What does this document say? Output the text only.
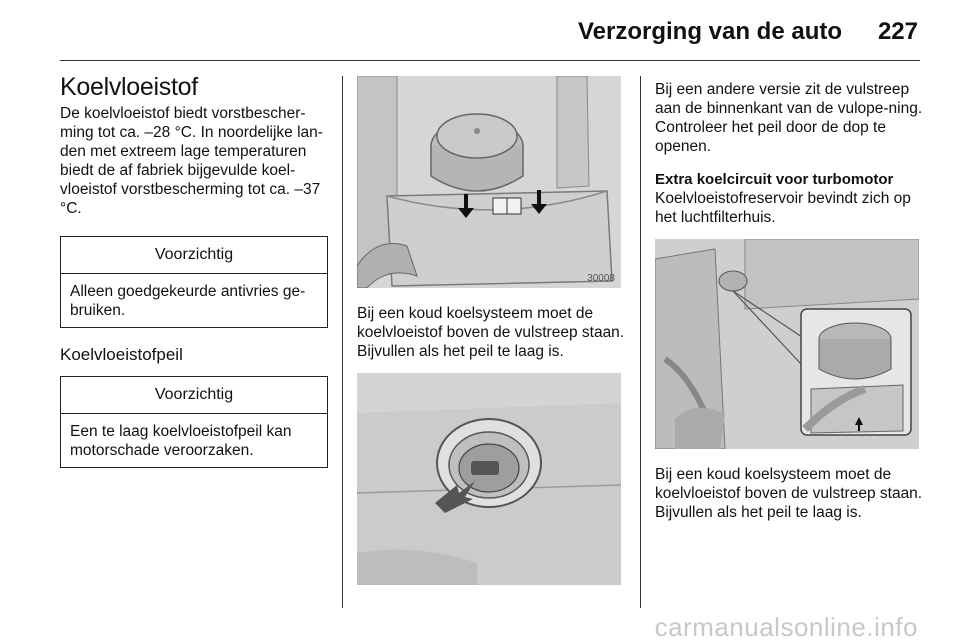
Verzorging van de auto 227
Koelvloeistof

De koelvloeistof biedt vorstbescher-ming tot ca. –28 °C. In noordelijke lan-den met extreem lage temperaturen biedt de af fabriek bijgevulde koel-vloeistof vorstbescherming tot ca. –37 °C.

Voorzichtig
Alleen goedgekeurde antivries ge-bruiken.
Koelvloeistofpeil
Voorzichtig
Een te laag koelvloeistofpeil kan motorschade veroorzaken.
30008

Bij een koud koelsysteem moet de koelvloeistof boven de vulstreep staan. Bijvullen als het peil te laag is.

Bij een andere versie zit de vulstreep aan de binnenkant van de vulope-ning. Controleer het peil door de dop te openen.

Extra koelcircuit voor turbomotor

Koelvloeistofreservoir bevindt zich op het luchtfilterhuis.

Bij een koud koelsysteem moet de koelvloeistof boven de vulstreep staan. Bijvullen als het peil te laag is.

carmanualsonline.info
